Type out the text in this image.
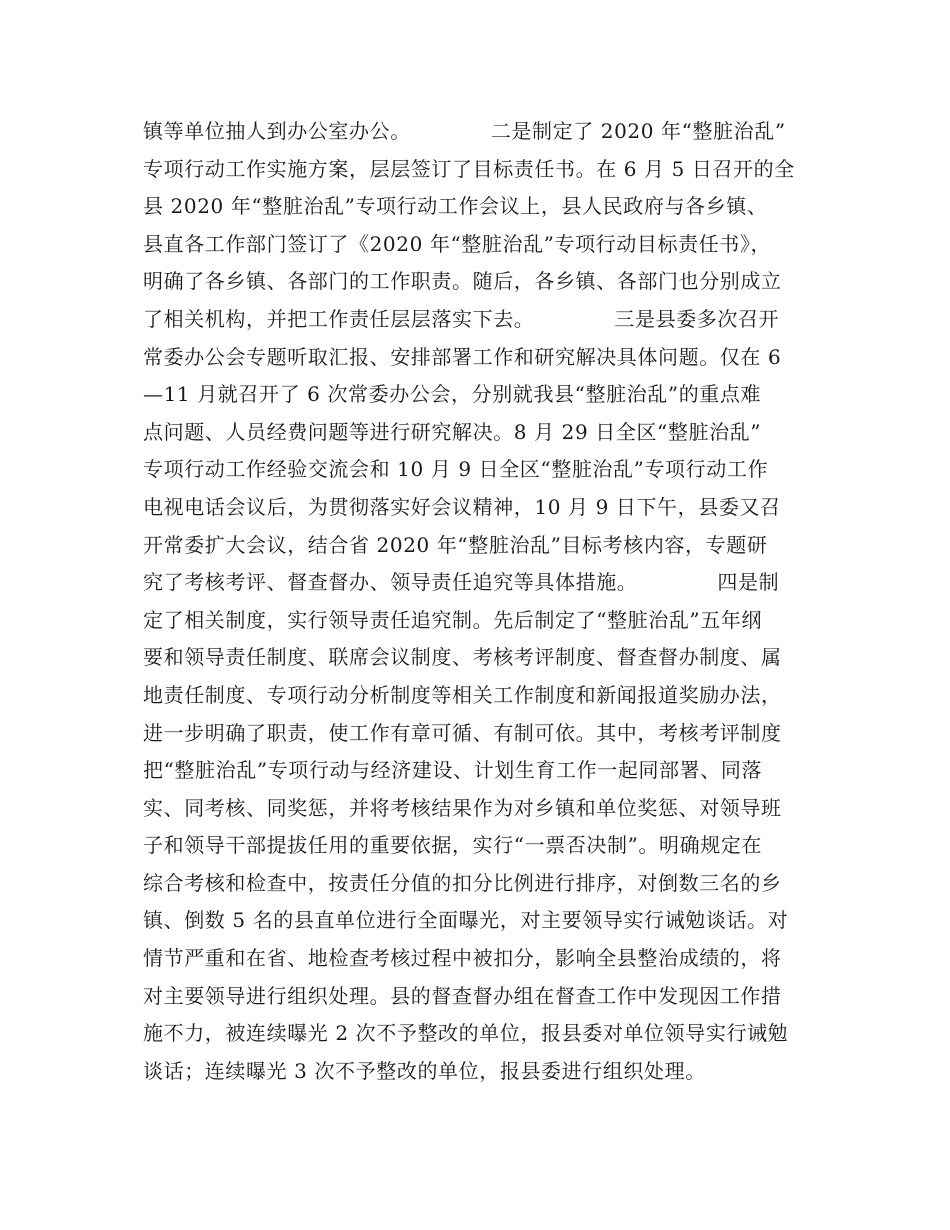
镇等单位抽人到办公室办公。	二是制定了 2020 年“整脏治乱”
专项行动工作实施方案，层层签订了目标责任书。在 6 月 5 日召开的全
县 2020 年“整脏治乱”专项行动工作会议上，县人民政府与各乡镇、
县直各工作部门签订了《2020 年“整脏治乱”专项行动目标责任书》，
明确了各乡镇、各部门的工作职责。随后，各乡镇、各部门也分别成立
了相关机构，并把工作责任层层落实下去。	三是县委多次召开
常委办公会专题听取汇报、安排部署工作和研究解决具体问题。仅在 6
—11 月就召开了 6 次常委办公会，分别就我县“整脏治乱”的重点难
点问题、人员经费问题等进行研究解决。8 月 29 日全区“整脏治乱”
专项行动工作经验交流会和 10 月 9 日全区“整脏治乱”专项行动工作
电视电话会议后，为贯彻落实好会议精神，10 月 9 日下午，县委又召
开常委扩大会议，结合省 2020 年“整脏治乱”目标考核内容，专题研
究了考核考评、督查督办、领导责任追究等具体措施。	四是制
定了相关制度，实行领导责任追究制。先后制定了“整脏治乱”五年纲
要和领导责任制度、联席会议制度、考核考评制度、督查督办制度、属
地责任制度、专项行动分析制度等相关工作制度和新闻报道奖励办法，
进一步明确了职责，使工作有章可循、有制可依。其中，考核考评制度
把“整脏治乱”专项行动与经济建设、计划生育工作一起同部署、同落
实、同考核、同奖惩，并将考核结果作为对乡镇和单位奖惩、对领导班
子和领导干部提拔任用的重要依据，实行“一票否决制”。明确规定在
综合考核和检查中，按责任分值的扣分比例进行排序，对倒数三名的乡
镇、倒数 5 名的县直单位进行全面曝光，对主要领导实行诫勉谈话。对
情节严重和在省、地检查考核过程中被扣分，影响全县整治成绩的，将
对主要领导进行组织处理。县的督查督办组在督查工作中发现因工作措
施不力，被连续曝光 2 次不予整改的单位，报县委对单位领导实行诫勉
谈话；连续曝光 3 次不予整改的单位，报县委进行组织处理。
